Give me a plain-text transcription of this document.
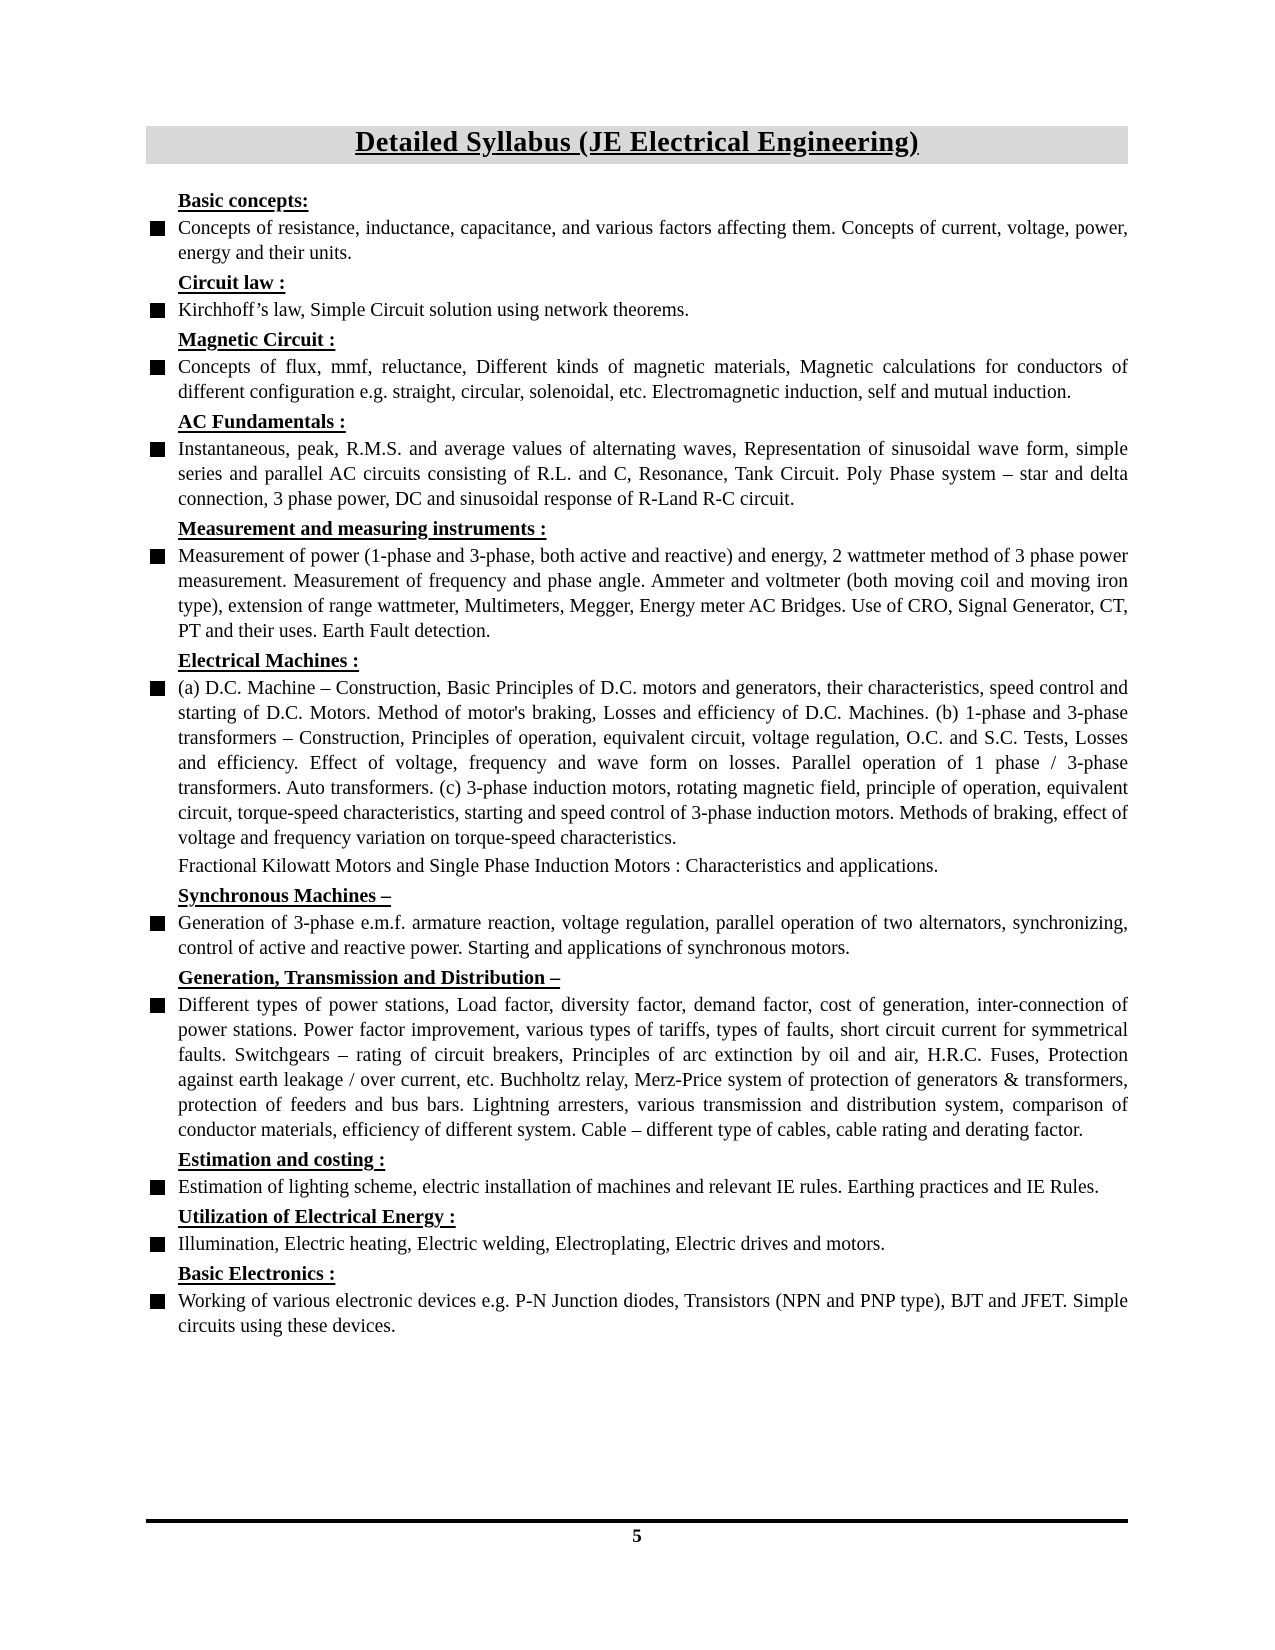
Detailed Syllabus (JE Electrical Engineering)
Basic concepts:
Concepts of resistance, inductance, capacitance, and various factors affecting them. Concepts of current, voltage, power, energy and their units.
Circuit law :
Kirchhoff’s law, Simple Circuit solution using network theorems.
Magnetic Circuit :
Concepts of flux, mmf, reluctance, Different kinds of magnetic materials, Magnetic calculations for conductors of different configuration e.g. straight, circular, solenoidal, etc. Electromagnetic induction, self and mutual induction.
AC Fundamentals :
Instantaneous, peak, R.M.S. and average values of alternating waves, Representation of sinusoidal wave form, simple series and parallel AC circuits consisting of R.L. and C, Resonance, Tank Circuit. Poly Phase system – star and delta connection, 3 phase power, DC and sinusoidal response of R-Land R-C circuit.
Measurement and measuring instruments :
Measurement of power (1-phase and 3-phase, both active and reactive) and energy, 2 wattmeter method of 3 phase power measurement. Measurement of frequency and phase angle. Ammeter and voltmeter (both moving coil and moving iron type), extension of range wattmeter, Multimeters, Megger, Energy meter AC Bridges. Use of CRO, Signal Generator, CT, PT and their uses. Earth Fault detection.
Electrical Machines :
(a) D.C. Machine – Construction, Basic Principles of D.C. motors and generators, their characteristics, speed control and starting of D.C. Motors. Method of motor's braking, Losses and efficiency of D.C. Machines. (b) 1-phase and 3-phase transformers – Construction, Principles of operation, equivalent circuit, voltage regulation, O.C. and S.C. Tests, Losses and efficiency. Effect of voltage, frequency and wave form on losses. Parallel operation of 1 phase / 3-phase transformers. Auto transformers. (c) 3-phase induction motors, rotating magnetic field, principle of operation, equivalent circuit, torque-speed characteristics, starting and speed control of 3-phase induction motors. Methods of braking, effect of voltage and frequency variation on torque-speed characteristics.
Fractional Kilowatt Motors and Single Phase Induction Motors : Characteristics and applications.
Synchronous Machines –
Generation of 3-phase e.m.f. armature reaction, voltage regulation, parallel operation of two alternators, synchronizing, control of active and reactive power. Starting and applications of synchronous motors.
Generation, Transmission and Distribution –
Different types of power stations, Load factor, diversity factor, demand factor, cost of generation, inter-connection of power stations. Power factor improvement, various types of tariffs, types of faults, short circuit current for symmetrical faults. Switchgears – rating of circuit breakers, Principles of arc extinction by oil and air, H.R.C. Fuses, Protection against earth leakage / over current, etc. Buchholtz relay, Merz-Price system of protection of generators & transformers, protection of feeders and bus bars. Lightning arresters, various transmission and distribution system, comparison of conductor materials, efficiency of different system. Cable – different type of cables, cable rating and derating factor.
Estimation and costing :
Estimation of lighting scheme, electric installation of machines and relevant IE rules. Earthing practices and IE Rules.
Utilization of Electrical Energy :
Illumination, Electric heating, Electric welding, Electroplating, Electric drives and motors.
Basic Electronics :
Working of various electronic devices e.g. P-N Junction diodes, Transistors (NPN and PNP type), BJT and JFET. Simple circuits using these devices.
5
